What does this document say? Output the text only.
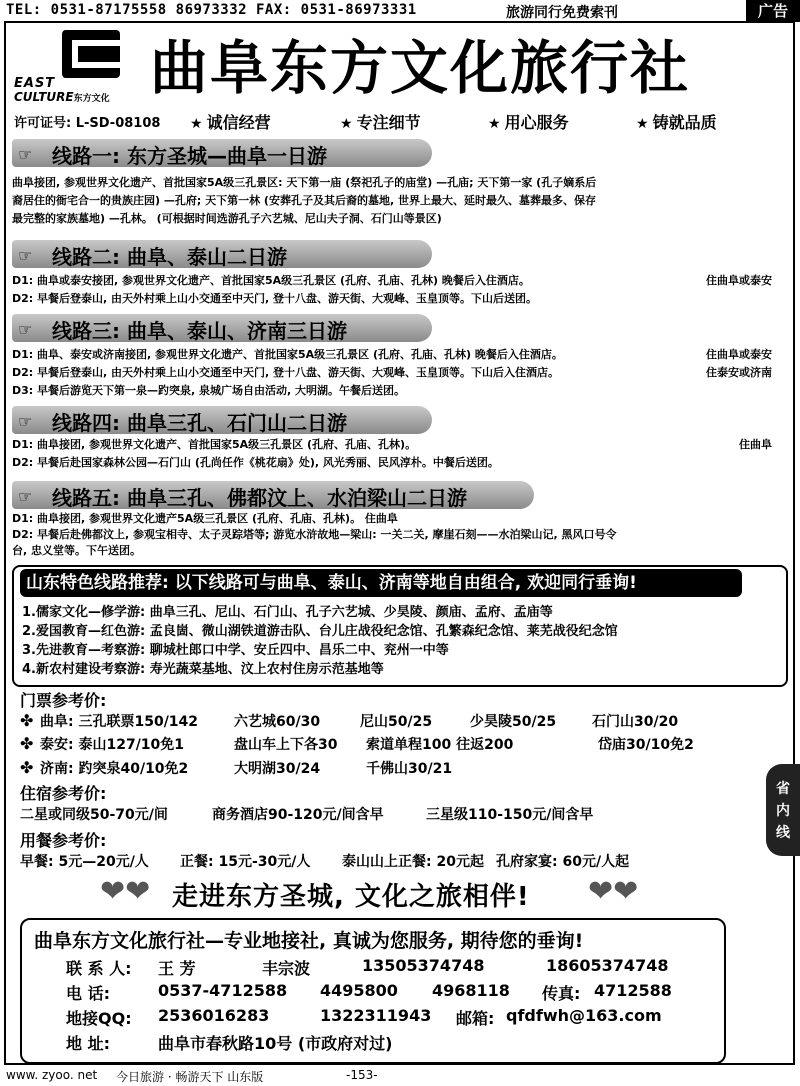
TEL: 0531-87175558 86973332 FAX: 0531-86973331	旅游同行免费索刊	广告
EAST
CULTURE东方文化 曲阜东方文化旅行社
许可证号: L-SD-08108 ★ 诚信经营	★ 专注细节	★ 用心服务	★ 铸就品质
☞ 线路一: 东方圣城—曲阜一日游
曲阜接团, 参观世界文化遗产、首批国家5A级三孔景区: 天下第一庙 (祭祀孔子的庙堂) —孔庙; 天下第一家 (孔子嫡系后
裔居住的衙宅合一的贵族庄园) —孔府; 天下第一林 (安葬孔子及其后裔的墓地, 世界上最大、延时最久、墓葬最多、保存
最完整的家族墓地) —孔林。 (可根据时间选游孔子六艺城、尼山夫子洞、石门山等景区)
☞ 线路二: 曲阜、泰山二日游
D1: 曲阜或泰安接团, 参观世界文化遗产、首批国家5A级三孔景区 (孔府、孔庙、孔林) 晚餐后入住酒店。	住曲阜或泰安
D2: 早餐后登泰山, 由天外村乘上山小交通至中天门, 登十八盘、游天街、大观峰、玉皇顶等。下山后送团。
☞ 线路三: 曲阜、泰山、济南三日游
D1: 曲阜、泰安或济南接团, 参观世界文化遗产、首批国家5A级三孔景区 (孔府、孔庙、孔林) 晚餐后入住酒店。	住曲阜或泰安
D2: 早餐后登泰山, 由天外村乘上山小交通至中天门, 登十八盘、游天街、大观峰、玉皇顶等。下山后入住酒店。	住泰安或济南
D3: 早餐后游览天下第一泉—趵突泉, 泉城广场自由活动, 大明湖。午餐后送团。
☞ 线路四: 曲阜三孔、石门山二日游
D1: 曲阜接团, 参观世界文化遗产、首批国家5A级三孔景区 (孔府、孔庙、孔林)。	住曲阜
D2: 早餐后赴国家森林公园—石门山 (孔尚任作《桃花扇》处), 风光秀丽、民风淳朴。中餐后送团。
☞ 线路五: 曲阜三孔、佛都汶上、水泊梁山二日游
D1: 曲阜接团, 参观世界文化遗产5A级三孔景区 (孔府、孔庙、孔林)。 住曲阜
D2: 早餐后赴佛都汶上, 参观宝相寺、太子灵踪塔等; 游览水浒故地—梁山: 一关二关, 摩崖石刻——水泊梁山记, 黑风口号令
台, 忠义堂等。下午送团。
山东特色线路推荐: 以下线路可与曲阜、泰山、济南等地自由组合, 欢迎同行垂询!
1.儒家文化—修学游: 曲阜三孔、尼山、石门山、孔子六艺城、少昊陵、颜庙、孟府、孟庙等
2.爱国教育—红色游: 孟良崮、微山湖铁道游击队、台儿庄战役纪念馆、孔繁森纪念馆、莱芜战役纪念馆
3.先进教育—考察游: 聊城杜郎口中学、安丘四中、昌乐二中、兖州一中等
4.新农村建设考察游: 寿光蔬菜基地、汶上农村住房示范基地等
门票参考价:
✤ 曲阜: 三孔联票150/142	六艺城60/30	尼山50/25	少昊陵50/25	石门山30/20
✤ 泰安: 泰山127/10免1	盘山车上下各30 索道单程100 往返200	岱庙30/10免2
✤ 济南: 趵突泉40/10免2	大明湖30/24	千佛山30/21
住宿参考价:
二星或同级50-70元/间	商务酒店90-120元/间含早	三星级110-150元/间含早
用餐参考价:
早餐: 5元—20元/人 正餐: 15元-30元/人 泰山山上正餐: 20元起 孔府家宴: 60元/人起
省
内
线
❤❤ 走进东方圣城, 文化之旅相伴! ❤❤
曲阜东方文化旅行社—专业地接社, 真诚为您服务, 期待您的垂询!
联 系 人: 王 芳	丰宗波	13505374748	18605374748
电 话:	0537-4712588 4495800 4968118 传真: 4712588
地接QQ: 2536016283	1322311943 邮箱: qfdfwh@163.com
地 址:	曲阜市春秋路10号 (市政府对过)
www. zyoo. net 今日旅游 · 畅游天下 山东版	-153-
